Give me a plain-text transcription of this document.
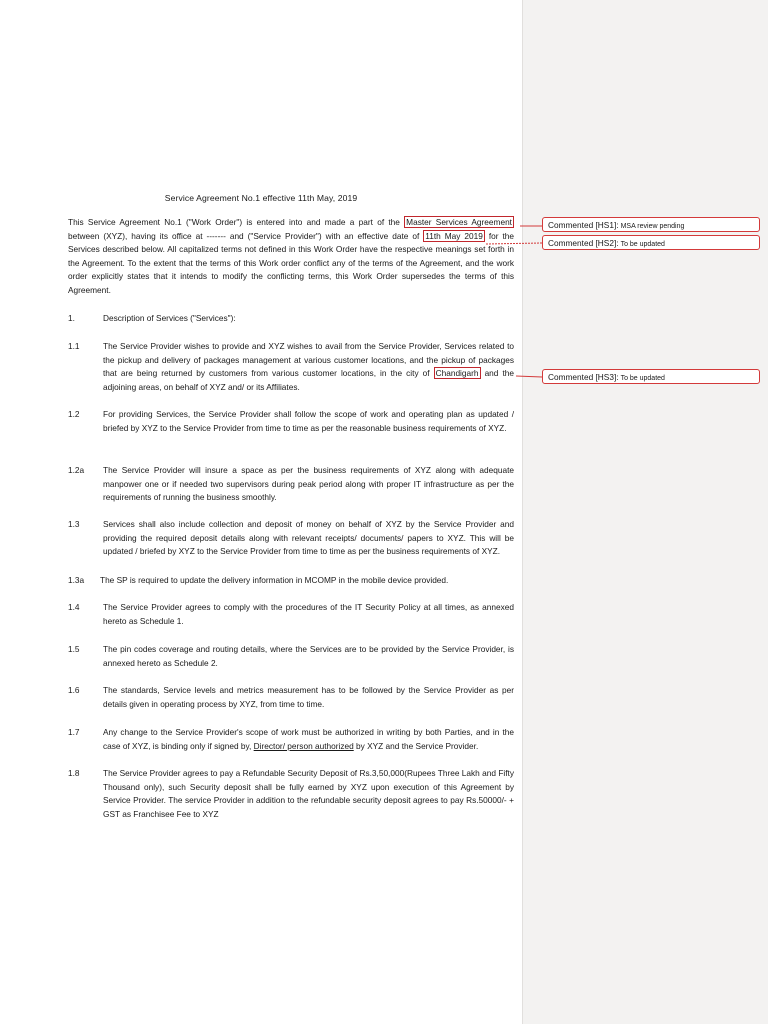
Service Agreement No.1 effective 11th May, 2019

This Service Agreement No.1 ("Work Order") is entered into and made a part of the Master Services Agreement between (XYZ), having its office at ------- and ("Service Provider") with an effective date of 11th May 2019 for the Services described below. All capitalized terms not defined in this Work Order have the respective meanings set forth in the Agreement. To the extent that the terms of this Work order conflict any of the terms of the Agreement, and the work order explicitly states that it intends to modify the conflicting terms, this Work Order supersedes the terms of this Agreement.

1.	Description of Services ("Services"):

1.1	The Service Provider wishes to provide and XYZ wishes to avail from the Service Provider, Services related to the pickup and delivery of packages management at various customer locations, and the pickup of packages that are being returned by customers from various customer locations, in the city of Chandigarh and the adjoining areas, on behalf of XYZ and/ or its Affiliates.

1.2	For providing Services, the Service Provider shall follow the scope of work and operating plan as updated / briefed by XYZ to the Service Provider from time to time as per the reasonable business requirements of XYZ.

1.2a The Service Provider will insure a space as per the business requirements of XYZ along with adequate manpower one or if needed two supervisors during peak period along with proper IT infrastructure as per the requirements of running the business smoothly.

1.3	Services shall also include collection and deposit of money on behalf of XYZ by the Service Provider and providing the required deposit details along with relevant receipts/ documents/ papers to XYZ. This will be updated / briefed by XYZ to the Service Provider from time to time as per the business requirements of XYZ.

1.3a The SP is required to update the delivery information in MCOMP in the mobile device provided.

1.4	The Service Provider agrees to comply with the procedures of the IT Security Policy at all times, as annexed hereto as Schedule 1.

1.5	The pin codes coverage and routing details, where the Services are to be provided by the Service Provider, is annexed hereto as Schedule 2.

1.6	The standards, Service levels and metrics measurement has to be followed by the Service Provider as per details given in operating process by XYZ, from time to time.

1.7	Any change to the Service Provider's scope of work must be authorized in writing by both Parties, and in the case of XYZ, is binding only if signed by, Director/ person authorized by XYZ and the Service Provider.

1.8	The Service Provider agrees to pay a Refundable Security Deposit of Rs.3,50,000(Rupees Three Lakh and Fifty Thousand only), such Security deposit shall be fully earned by XYZ upon execution of this Agreement by Service Provider. The service Provider in addition to the refundable security deposit agrees to pay Rs.50000/- + GST as Franchisee Fee to XYZ

Commented [HS1]: MSA review pending
Commented [HS2]: To be updated
Commented [HS3]: To be updated
